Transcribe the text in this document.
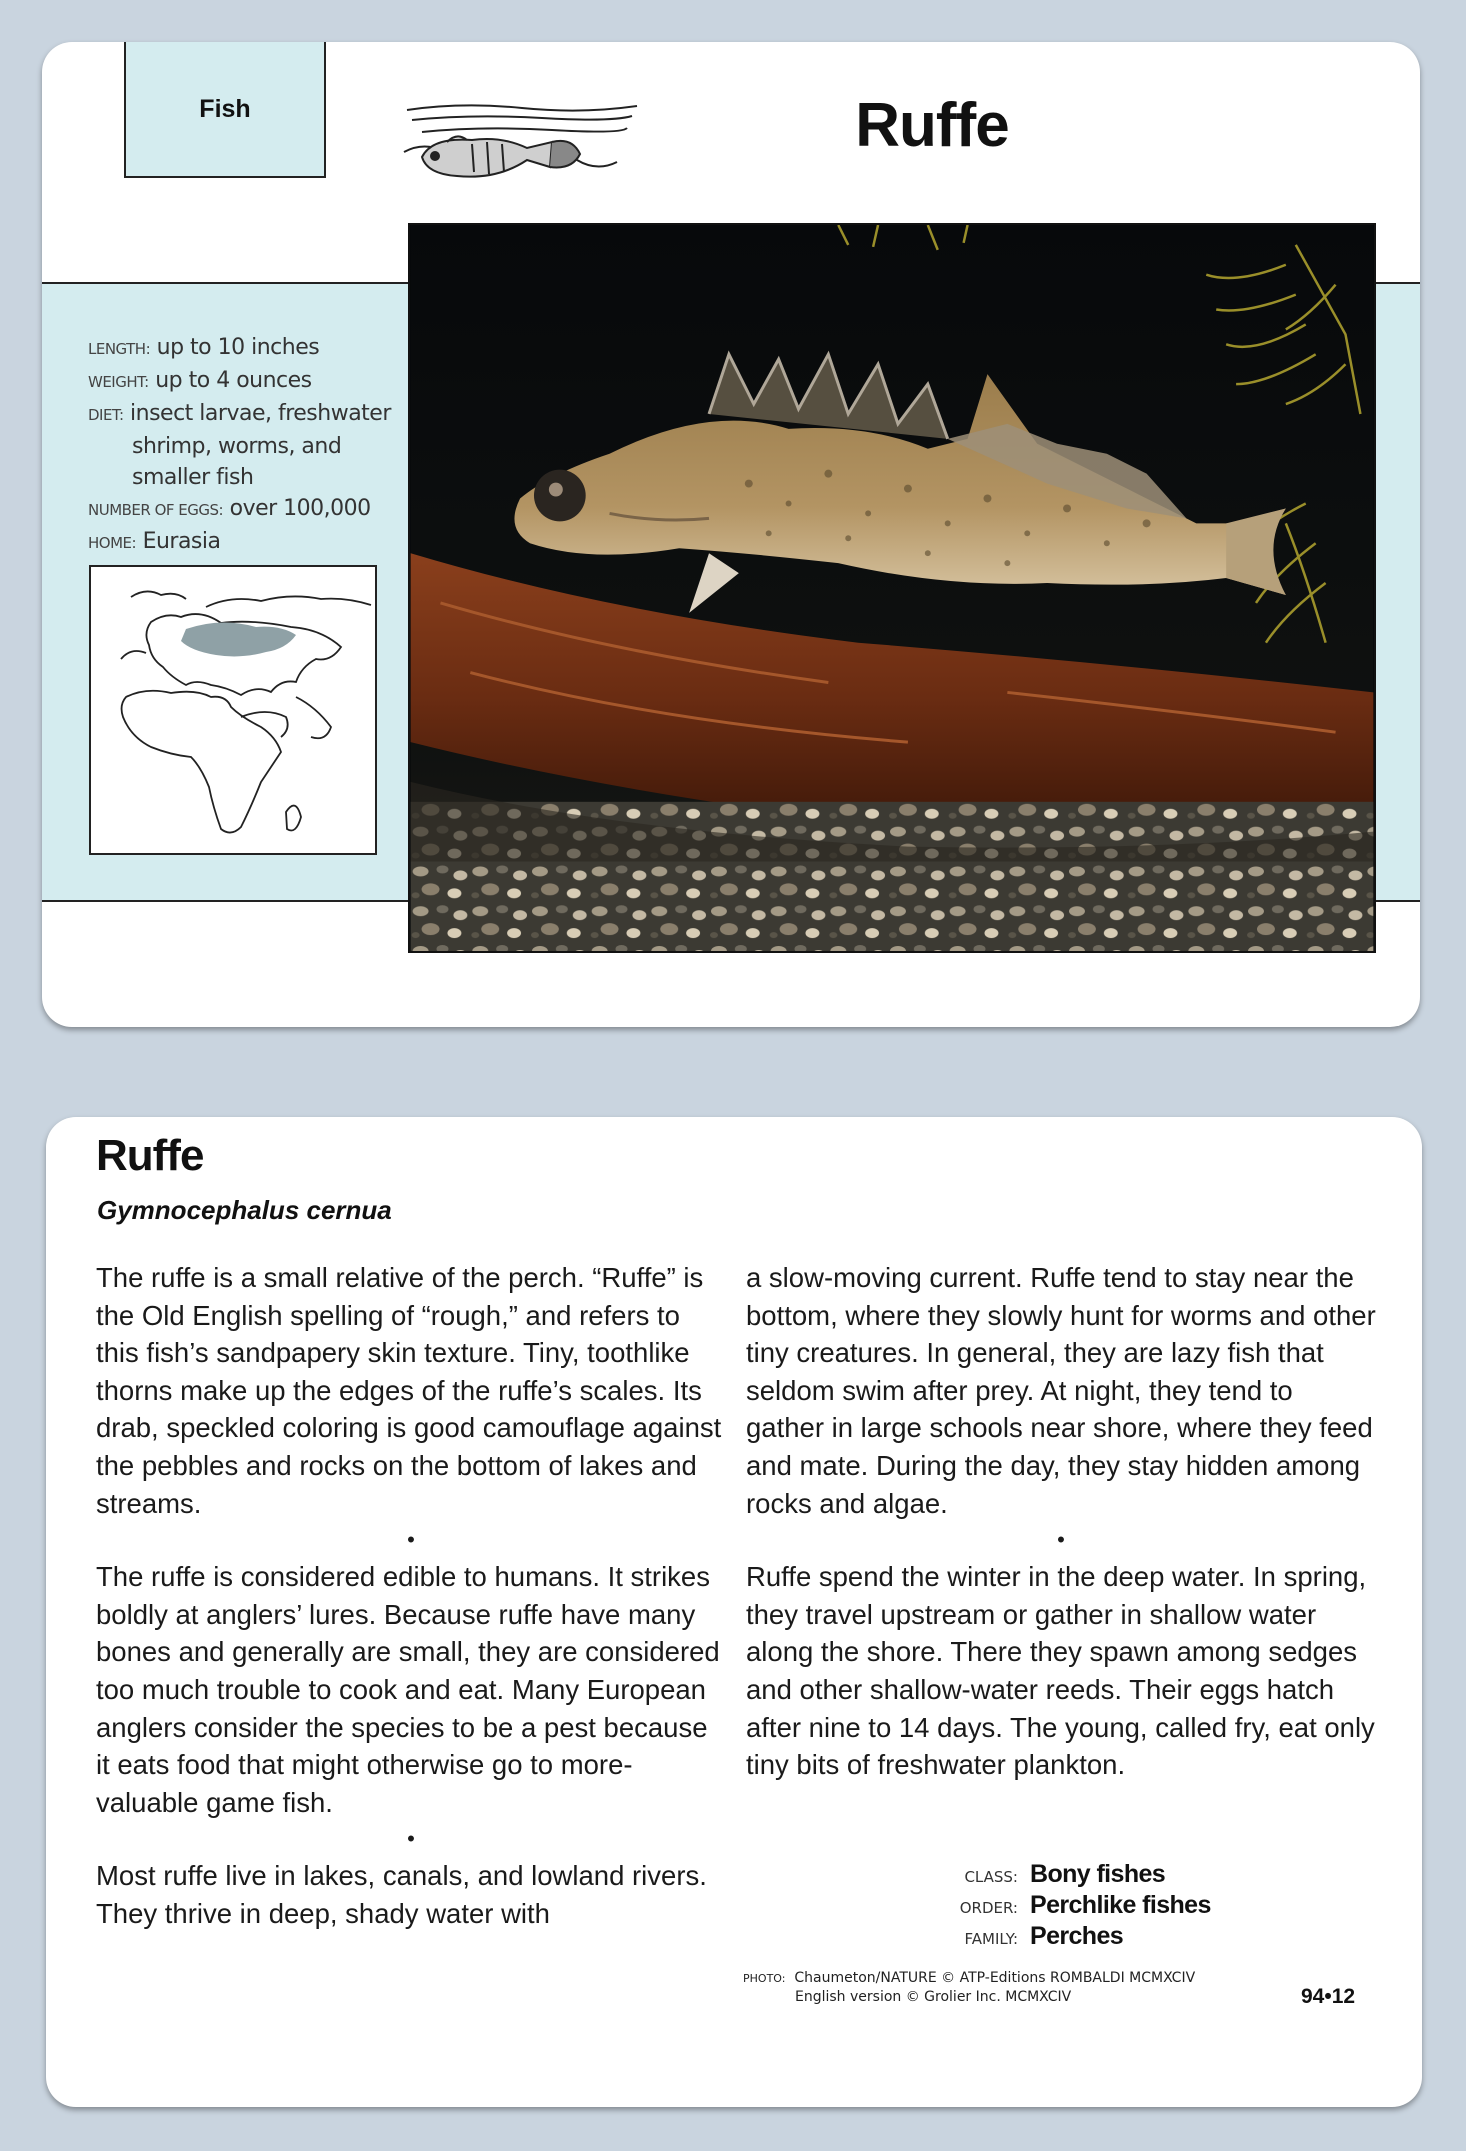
Fish	Ruffe
LENGTH: up to 10 inches
WEIGHT: up to 4 ounces
DIET: insect larvae, freshwater
shrimp, worms, and
smaller fish
NUMBER OF EGGS: over 100,000
HOME: Eurasia
Ruffe
Gymnocephalus cernua

The ruffe is a small relative of the perch. “Ruffe” is the Old English spelling of “rough,” and refers to this fish’s sandpapery skin texture. Tiny, toothlike thorns make up the edges of the ruffe’s scales. Its drab, speckled coloring is good camouflage against the pebbles and rocks on the bottom of lakes and streams.

•

The ruffe is considered edible to humans. It strikes boldly at anglers’ lures. Because ruffe have many bones and generally are small, they are considered too much trouble to cook and eat. Many European anglers consider the species to be a pest because it eats food that might otherwise go to more-valuable game fish.

•

Most ruffe live in lakes, canals, and lowland rivers. They thrive in deep, shady water with

a slow-moving current. Ruffe tend to stay near the bottom, where they slowly hunt for worms and other tiny creatures. In general, they are lazy fish that seldom swim after prey. At night, they tend to gather in large schools near shore, where they feed and mate. During the day, they stay hidden among rocks and algae.

•

Ruffe spend the winter in the deep water. In spring, they travel upstream or gather in shallow water along the shore. There they spawn among sedges and other shallow-water reeds. Their eggs hatch after nine to 14 days. The young, called fry, eat only tiny bits of freshwater plankton.

CLASS: Bony fishes
ORDER: Perchlike fishes
FAMILY: Perches
PHOTO: Chaumeton/NATURE © ATP-Editions ROMBALDI MCMXCIV
English version © Grolier Inc. MCMXCIV	94•12
